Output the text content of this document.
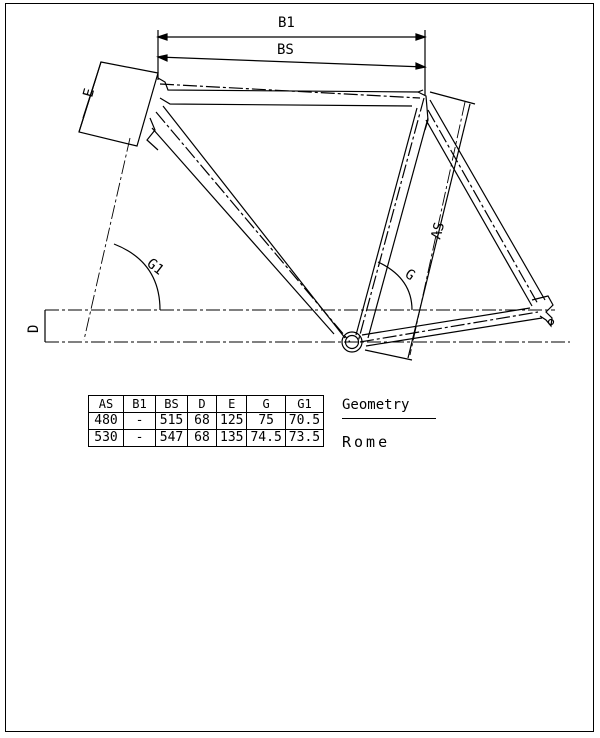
B1
BS
E
G1	G
AS
D
AS	B1	BS	D	E	G	G1
480	-	515	68	125	75	70.5
530	-	547	68	135	74.5	73.5
Geometry
Rome
